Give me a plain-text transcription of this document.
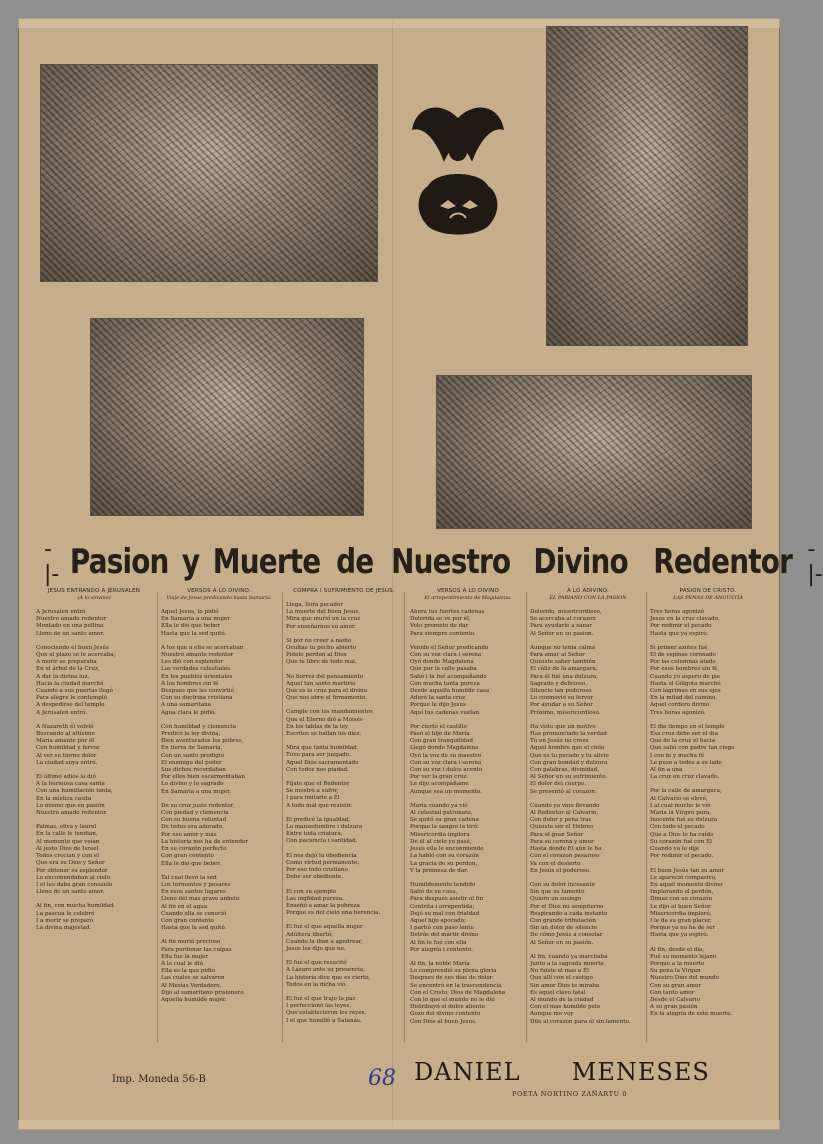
-|- Pasion y Muerte de Nuestro Divino Redentor -|-
JESUS ENTRANDO A JERUSALEN
(A lo sinvino)
A Jerusalen entró
Nuestro amado redentor
Montado en una pollina
Lleno de un santo amor.
Conociendo el buen Jesús
Que el plazo se le acercaba,
A morir se preparaba
En el árbol de la Cruz,
A dar la divina luz.
Hacia la ciudad marchó
Cuando a sus puertas llegó
Para alegre le contempló
A despedirse del templo
A Jerusalen entró.
A Nazareth él volvió
Buscando al altísimo
Maria amante por él
Con humildad y fervor
Al ver su tierno dolor
La ciudad suya entró.
El último adios la dió
A la hermosa casa santa
Con una humillación tanta,
En la mística casita
Lo mismo que en pasión
Nuestro amado redentor.
Palmas, oliva y laurel
En la calle le tendian,
Al momento que veían
Al justo Dios de Israel
Todos crecian y con el
Que era su Dios y Señor
Por obtener su esplendor
Lo encomendaban al cielo
I el les daba gran consuelo
Lleno de un santo amor.
Al fin, con mucha humildad
La pascua le celebró
I a morir se preparó
La divina majestad.
VERSOS A LO DIVINO.
Viaje de Jesus predicando hasta Samaria.
Aquel Jesus, lo pidió
En Samaria a una mujer
Ella le dió que beber
Hasta que la sed quitó.
A los que a ella se acercaban
Nuestro amante redentor
Les dió con esplendor
Las verdades celestiales
En los pueblos orientales
A los hombres sin fé
Despues que les convirtió
Con su doctrina cristiana
A una samaritana
Agua clara le pidió.
Con humildad y clemencia
Predicó la ley divina,
Bien aventurados los pobres,
En tierra de Samaria,
Con un santo prodigio
El enemigo del poder
Sus dichos recordaban
Por ellos bien escarmentaban
Lo divino y lo sagrado
En Samaria a una mujer.
De su cruz justo redentor,
Con piedad y clemencia
Con su buena voluntad
De todos era adorado,
Por eso amor y más
La historia nos ha de entender
En su corazón perfecto
Con gran contento
Ella le dió que beber.
Tal cual llevó la sed
Los tormentos y pesares
En esos santos lugares
Lleno del mas grave anhelo
Al fin en el agua
Cuando ella se conoció
Con gran contento
Hasta que la sed quitó.
Al fin murió precioso
Para perdonar las culpas
Ella fue la mujer
A la cual le dió
Ella es la que pidió
Las cuales se salvaron
Al Mesías Verdadero,
Dijo al samaritano prisionero
Aquella humilde mujer.
COMPRA I SUFRIMIENTO DE JESUS.
Llega, llora pecador
La muerte del buen Jesus,
Mira que murió en la cruz
Por enseñarnos su amor.
Si por no creer a nadie
Ocultas tu pecho abierto
Pídele perdon al Dios
Que te libre de todo mal.
No borres del pensamiento
Aquel tan santo martirio
Que es la cruz para el divino
Que nos abre el firmamento.
Cumple con los mandamientos
Que el Eterno dió a Moisés
En los tablas de la ley
Escritos se hallan los diez.
Mira que tanta humildad
Tuvo para ser juzgado,
Aquel Dios sacramentado
Con todos nos piadad.
Fíjate que el Redentor
Se mostró a sufrir,
I para imitarle a Él
A todo mal que resistir.
El predicó la igualdad,
La mansedumbre i dulzura
Entre toda criatura,
Con paciencia i santidad.
El nos dejó la obediencia
Como virtud permanente;
Por eso todo cristiano
Debe ser obediente.
El con su ejemplo
Las ingfidad pureza,
Enseñó a amar la pobreza
Porque es del cielo una herencia.
El fué el que aquella mujer
Adúltera libertó;
Cuando la iban a apedrear,
Jesus les dijo que no.
El fué el que resucitó
A Lázaro ante su presencia,
La historia dice que es cierto,
Todos en la dicha vió.
El fué el que trajo la paz
I perfeccionó las leyes,
Que establecieron los reyes,
I el que humilló a Satanás.
VERSOS A LO DIVINO
El arrepentimiento de Magdalena.
Ahora tus fuertes cadenas
Dolorida se ve por él,
Voto prometo de dar
Para siempre contento.
Venido el Señor predicando
Con su voz clara i serena
Oyó donde Magdalena
Que por la calle pasaba
Salió i la fué acompañando
Con mucha tanta pureza
Desde aquella humilde casa
Adoró la santa cruz
Porque le dijo Jesus
Aquí tus cadenas vuelan.
Por cierto el castillo
Pasó el hijo de María
Con gran tranquilidad
Llegó donde Magdalena
Oyó la voz de su maestro
Con su voz clara i serena
Con su voz i dulce acento
Por ver la gran cruz
Le dijo acompáñame
Aunque sea un momento.
María cuando ya vió
Al celestial patronato,
Se quitó su gran cadena
Porque la sangre la tiró:
Misericordia implora
De él al cielo yo pasé,
Jesus ella le enconmiendo
La habló con su corazón
La gracia de su perdon,
Y la promesa de dar.
Humildemente tendido
Salió de su casa,
Para después asistir al fin
Contrita i arrepentida;
Dejó su mal con frialdad
Aquel hijo apocado;
I partió con paso lento
Detrás del mártir divino
Al fin le fué con ella
Por alegría i contento.
Al fin, la noble María
Lo comprendió su plena gloria
Despues de sus días de dolor
Se encontró en la trascendencia
Con el Cristo, Dios de Magdalena
Con lo que el mundo no le dió
Distribuyó el dulce aliento
Gozo del divino contento
Con Dios al buen Jesus.
A LO ADIVINO.
EL PARIANO CON LA PASION
Dolorido, misericordioso,
Se acercaba al corazon
Para ayudarle a sanar
Al Señor en su pasion.
Aunque no tenia calma
Para amar al Señor
Quisiste saber también
El cáliz de la amargura,
Para él fué una dulzura,
Sagrado y delicioso,
Silencio tan poderoso
Lo conmovió su fervor
Por ayudar a su Señor
Próximo, misericordioso.
Ha visto que un motivo
Has pronunciado la verdad
Tú en Jesús no crees
Aquel hombre que el cielo
Que es tu pecado y tu alivio
Con gran bondad y dulzura
Con palabras, divinidad,
Al Señor en su sufrimiento
El dolor del cuerpo.
Se presentó al corazon.
Cuando ya vino llevando
Al Redentor al Calvario,
Con dolor y pena tras
Quisiste ser el Hebreo
Para el gran Señor
Para su corona y amor
Hasta donde El aún le ha
Con el corazon pesaroso
Va con el desierto
En Jesús el poderoso.
Con su dolor incesante
Sin que su lamento
Quiero un sosiego
Por el Dios mi sempiterno
Respirando a cada instante
Con grande tribulación
Sin un dolor de silencio
De cómo Jesús a consolar
Al Señor en su pasión.
Al fin, cuando ya marchaba
Junto a la sagrada muerte
No fuiste el mas a Él
Que allí con el castigo
Sin amor Dios te miraba
Es aquel clavo fatal
Al mundo de la ciudad
Con el mas humilde pelo
Aunque me voy
Dile al corazon para él sin lamento.
PASION DE CRISTO.
LAS PENAS DE ANGUSTIA
Tres horas agonizó
Jesus en la cruz clavado,
Por redimir el pecado
Hasta que ya espiró.
Si primer azotes fué,
El de espinas coronado
Por las columnas atado
Por esos hombres sin fé,
Cuando yo espero de pie
Hasta el Gólgota marchó
Con lágrimas en sus ojos
En la mitad del camino,
Aquel cordero divino
Tres horas agonizó.
El dia tiempo en el templo
Esa cruz debe ser el dia
Que de la cruz el hacia
Que salió con padre tan ciego
I con fe y mucha fé
Le puso a todos a su lado
Al fin a una
La cruz en cruz clavado.
Por la calle de amargura,
Al Calvario se elevó,
I al cual mucho le vió
Maria la Virgen pura,
Inocente fué su dulzura
Con todo el pecado
Que a Dios le ha caído
Su corazón fué con Él
Cuando ya le dije
Por redimir el pecado.
El buen Jesús tan su amor
Le apareció compasivo,
En aquel momento divino
Implorando el perdón,
Dimas con su corazón
Le dijo al buen Señor
Misericordia imploró,
I le da su gran placer,
Porque ya no ha de ser
Hasta que ya espiró.
Al fin, desde el dia,
Fué su momento lejano
Porque a la muerte
Su pena la Virgen
Nuestro Dios del mundo
Con su gran amor
Con tanto amor
Desde el Calvario
A su gran pasión
En la alegría de este muerte.
Imp. Moneda 56-B	68 DANIEL MENESES
POETA NORTINO ZAÑARTU 0
